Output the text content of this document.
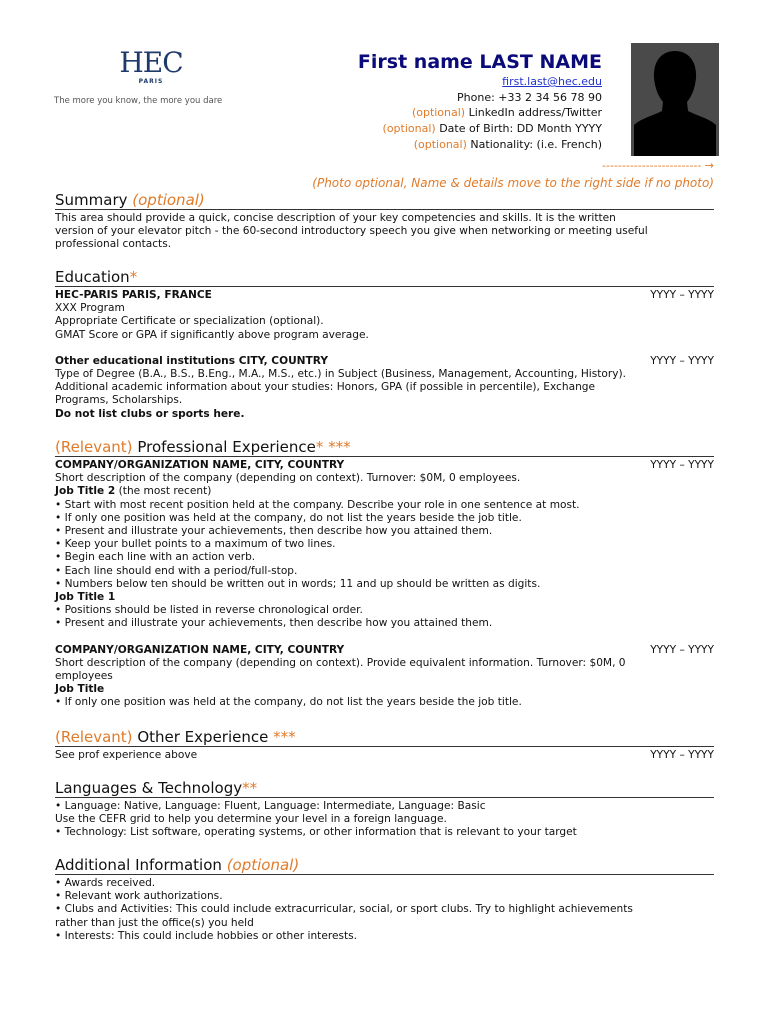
HEC
PARIS
The more you know, the more you dare
First name LAST NAME
first.last@hec.edu
Phone: +33 2 34 56 78 90
(optional) LinkedIn address/Twitter
(optional) Date of Birth: DD Month YYYY
(optional) Nationality: (i.e. French)
------------------------- →
(Photo optional, Name & details move to the right side if no photo)
Summary (optional)
This area should provide a quick, concise description of your key competencies and skills. It is the written
version of your elevator pitch - the 60-second introductory speech you give when networking or meeting useful
professional contacts.
Education*
HEC-PARIS PARIS, FRANCE	YYYY – YYYY
XXX Program
Appropriate Certificate or specialization (optional).
GMAT Score or GPA if significantly above program average.
Other educational institutions CITY, COUNTRY	YYYY – YYYY
Type of Degree (B.A., B.S., B.Eng., M.A., M.S., etc.) in Subject (Business, Management, Accounting, History).
Additional academic information about your studies: Honors, GPA (if possible in percentile), Exchange
Programs, Scholarships.
Do not list clubs or sports here.
(Relevant) Professional Experience* ***
COMPANY/ORGANIZATION NAME, CITY, COUNTRY	YYYY – YYYY
Short description of the company (depending on context). Turnover: $0M, 0 employees.
Job Title 2 (the most recent)
• Start with most recent position held at the company. Describe your role in one sentence at most.
• If only one position was held at the company, do not list the years beside the job title.
• Present and illustrate your achievements, then describe how you attained them.
• Keep your bullet points to a maximum of two lines.
• Begin each line with an action verb.
• Each line should end with a period/full-stop.
• Numbers below ten should be written out in words; 11 and up should be written as digits.
Job Title 1
• Positions should be listed in reverse chronological order.
• Present and illustrate your achievements, then describe how you attained them.
COMPANY/ORGANIZATION NAME, CITY, COUNTRY	YYYY – YYYY
Short description of the company (depending on context). Provide equivalent information. Turnover: $0M, 0
employees
Job Title
• If only one position was held at the company, do not list the years beside the job title.
(Relevant) Other Experience ***
See prof experience above	YYYY – YYYY
Languages & Technology**
• Language: Native, Language: Fluent, Language: Intermediate, Language: Basic
Use the CEFR grid to help you determine your level in a foreign language.
• Technology: List software, operating systems, or other information that is relevant to your target
Additional Information (optional)
• Awards received.
• Relevant work authorizations.
• Clubs and Activities: This could include extracurricular, social, or sport clubs. Try to highlight achievements
rather than just the office(s) you held
• Interests: This could include hobbies or other interests.
